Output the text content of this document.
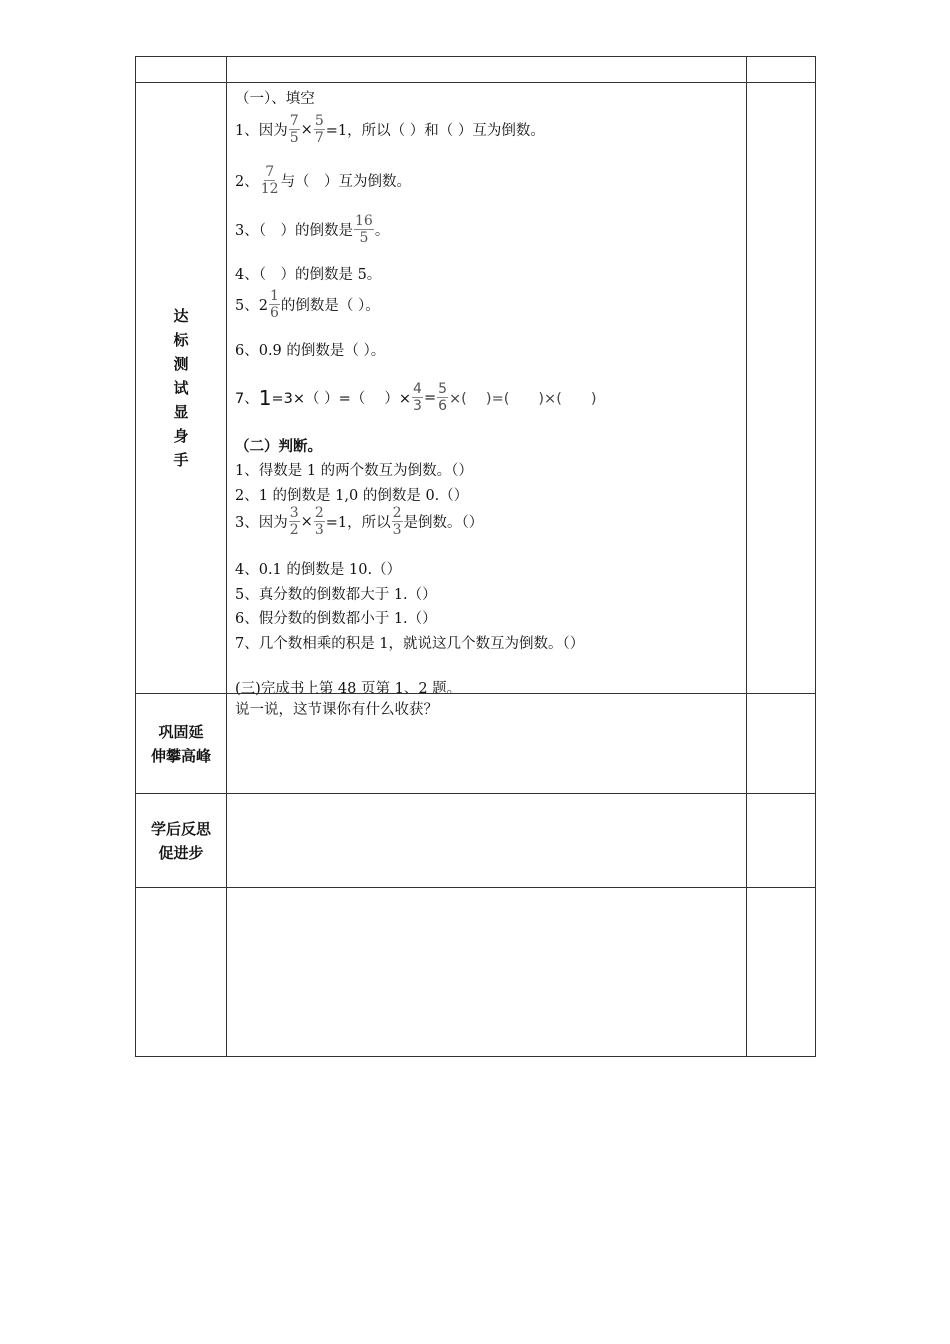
达
标
测
试
显
身
手
（一）、填空
1、因为 $\frac{7}{5} \times \frac{5}{7} =1$，所以（ ）和（ ）互为倒数。
2、 $\frac{7}{12}$ 与（　）互为倒数。
3、（　）的倒数是 $\frac{16}{5}$ 。
4、（　）的倒数是 5。
5、$2 \frac{1}{6}$ 的倒数是（ ）。
6、0.9 的倒数是（ ）。
7、 1 =3×（ ）=（　 ）× $\frac{4}{3} = \frac{5}{6}$ ×(　 )=(　　)×(　　)
（二）判断。
1、得数是 1 的两个数互为倒数。（）
2、1 的倒数是 1,0 的倒数是 0.（）
3、因为 $\frac{3}{2} \times \frac{2}{3} =1$，所以 $\frac{2}{3}$ 是倒数。（）
4、0.1 的倒数是 10.（）
5、真分数的倒数都大于 1.（）
6、假分数的倒数都小于 1.（）
7、几个数相乘的积是 1，就说这几个数互为倒数。（）
(三)完成书上第 48 页第 1、2 题。
巩固延
伸攀高峰
说一说，这节课你有什么收获？
学后反思
促进步
